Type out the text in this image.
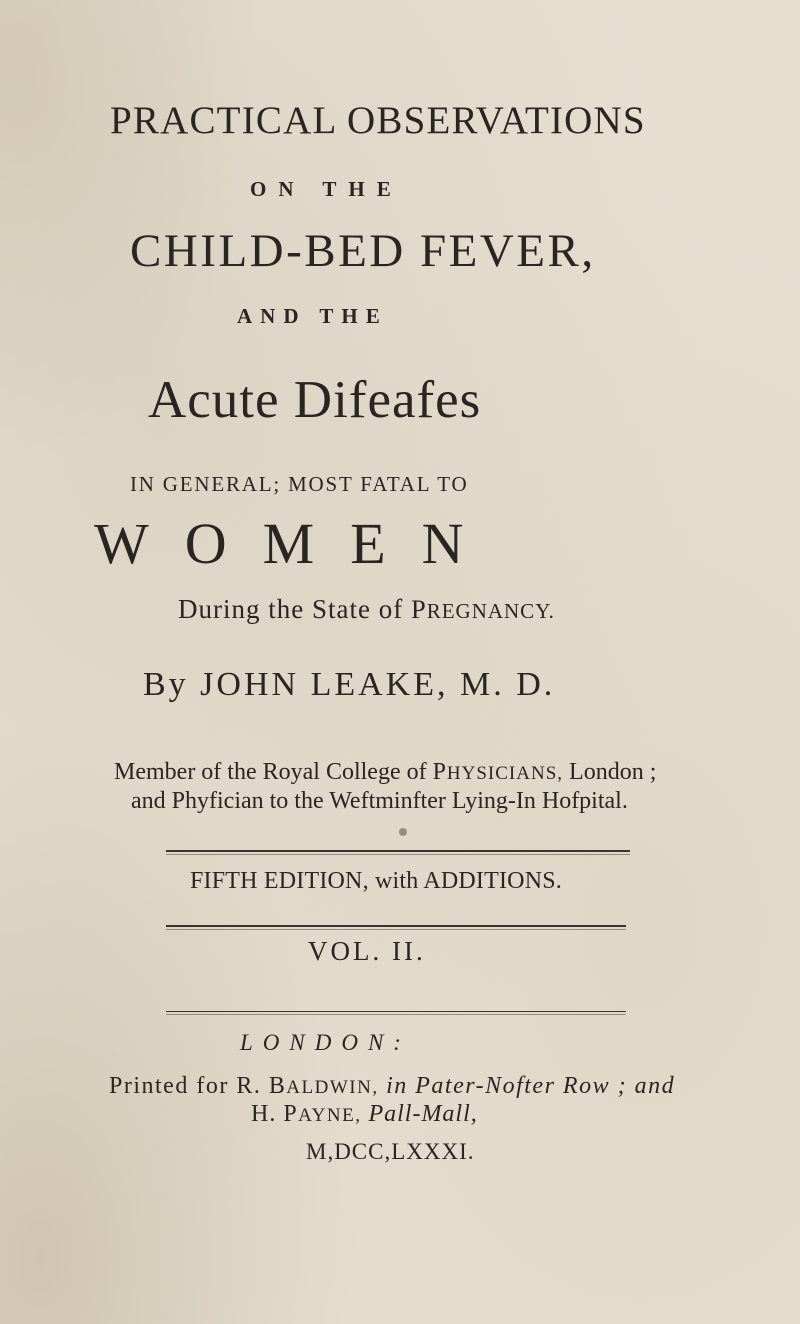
PRACTICAL OBSERVATIONS
ON THE
CHILD-BED FEVER,
AND THE
Acute Difeafes
IN GENERAL; MOST FATAL TO
WOMEN
During the State of PREGNANCY.
By JOHN LEAKE, M. D.
Member of the Royal College of PHYSICIANS, London ;
and Phyfician to the Weftminfter Lying-In Hofpital.
FIFTH EDITION, with ADDITIONS.
VOL. II.
LONDON:
Printed for R. BALDWIN, in Pater-Nofter Row ; and
H. PAYNE, Pall-Mall,
M,DCC,LXXXI.
